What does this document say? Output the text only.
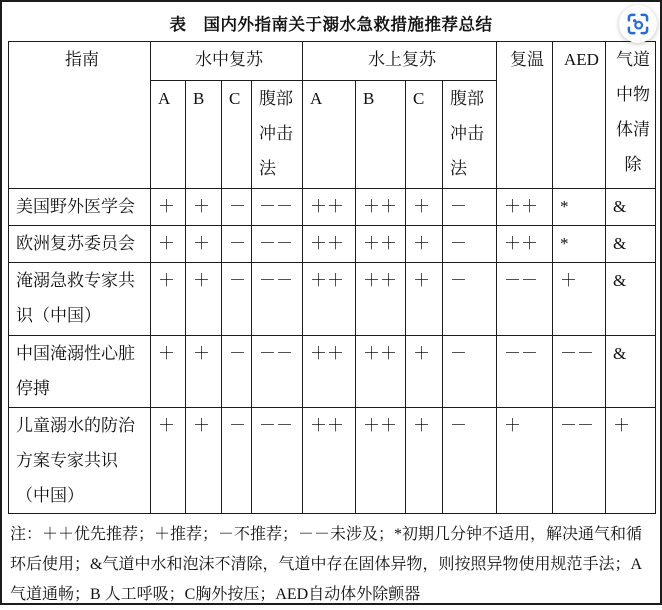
表　国内外指南关于溺水急救措施推荐总结
指南	水中复苏				水上复苏				复温	AED	气道中物体清除
	A	B	C	腹部冲击法	A	B	C	腹部冲击法			
美国野外医学会	＋	＋	－	－－	＋＋	＋＋	＋	－	＋＋	*	&
欧洲复苏委员会	＋	＋	－	－－	＋＋	＋＋	＋	－	＋＋	*	&
淹溺急救专家共识（中国）	＋	＋	－	－－	＋＋	＋＋	＋	－	－－	＋	&
中国淹溺性心脏停搏	＋	＋	－	－－	＋＋	＋＋	＋	－	－－	－－	&
儿童溺水的防治方案专家共识（中国）	＋	＋	－	－－	＋＋	＋＋	＋	－	＋	－－	＋
注：＋＋优先推荐；＋推荐；－不推荐；－－未涉及；*初期几分钟不适用，解决通气和循环后使用；&气道中水和泡沫不清除，气道中存在固体异物，则按照异物使用规范手法；A气道通畅；B 人工呼吸；C胸外按压；AED自动体外除颤器
